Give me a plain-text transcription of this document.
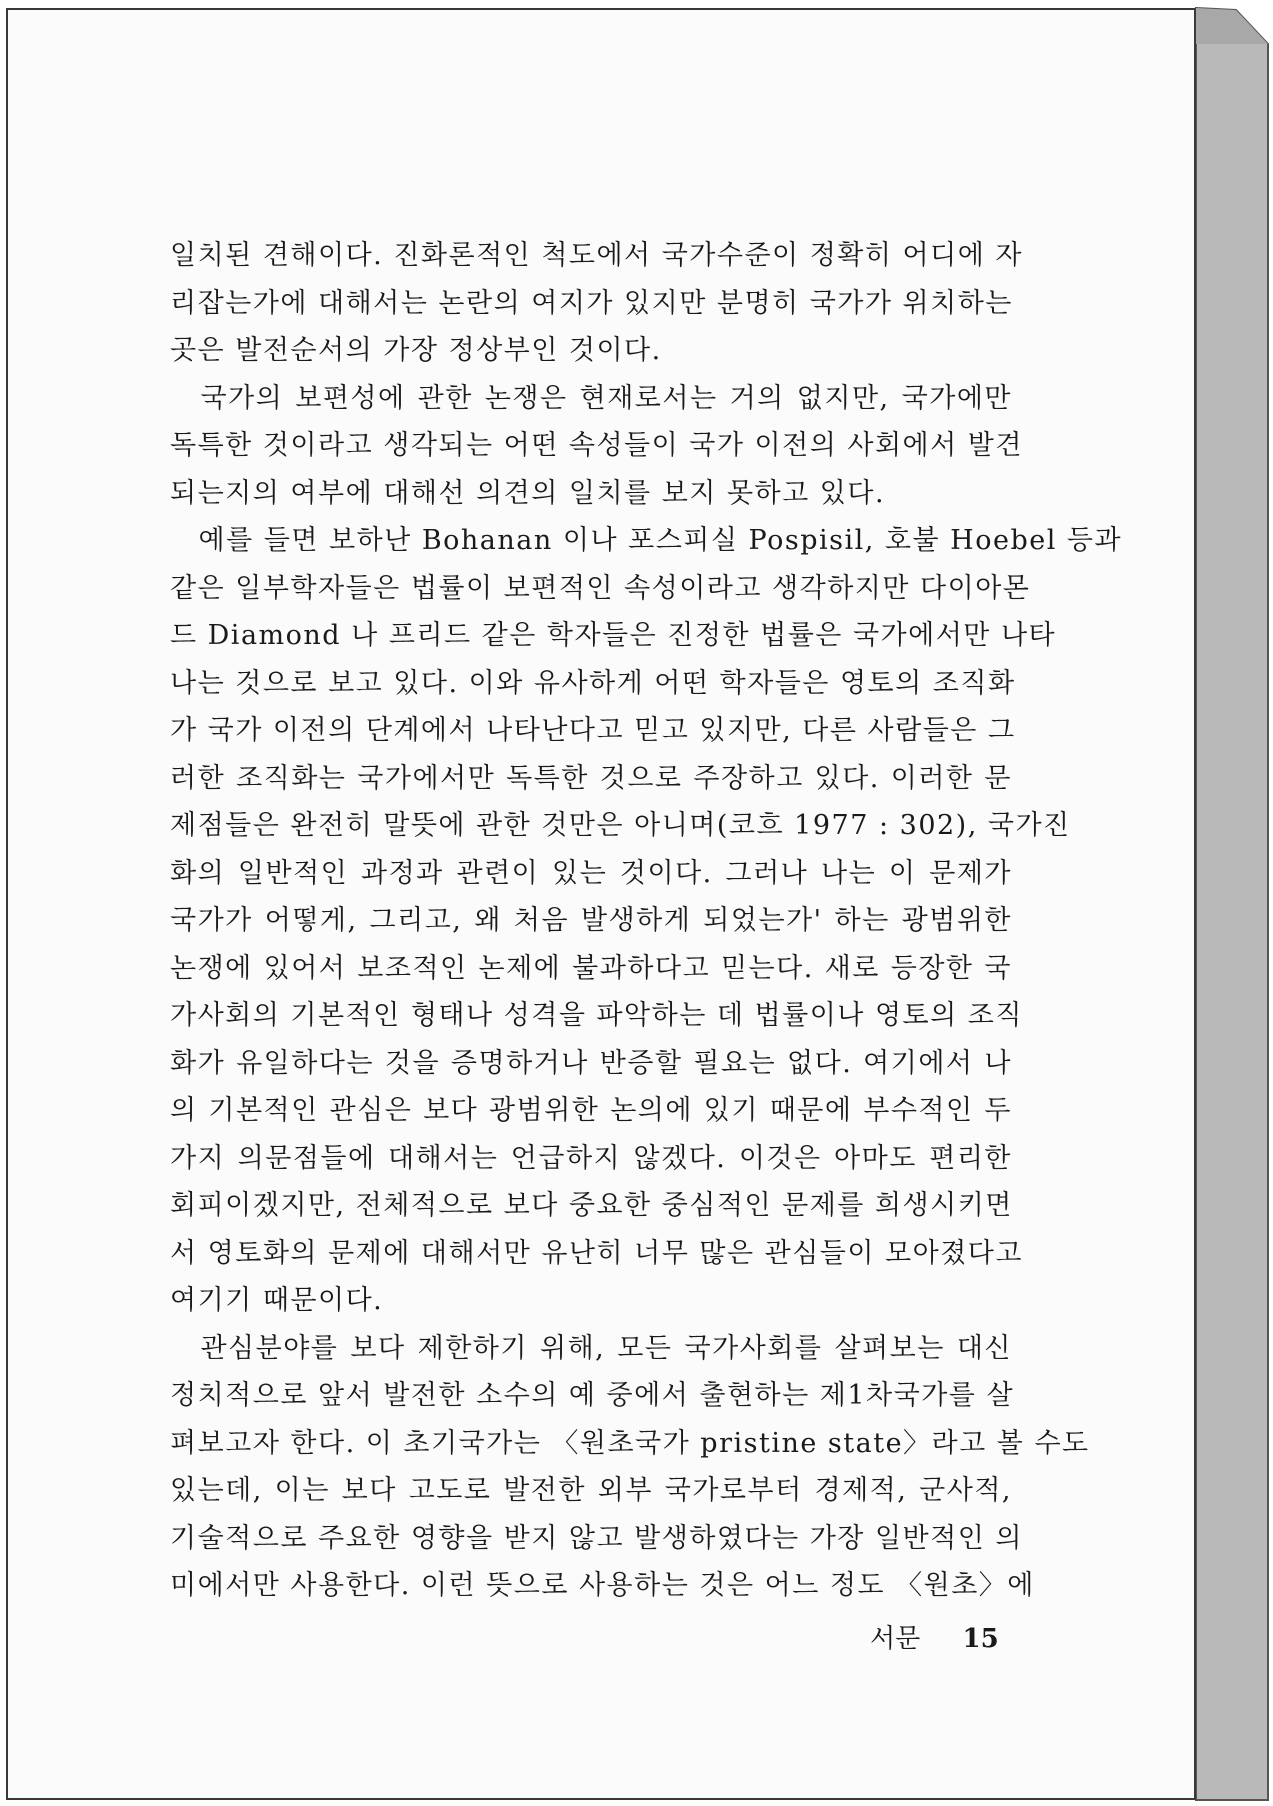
일치된 견해이다. 진화론적인 척도에서 국가수준이 정확히 어디에 자
리잡는가에 대해서는 논란의 여지가 있지만 분명히 국가가 위치하는
곳은 발전순서의 가장 정상부인 것이다.
　국가의 보편성에 관한 논쟁은 현재로서는 거의 없지만, 국가에만
독특한 것이라고 생각되는 어떤 속성들이 국가 이전의 사회에서 발견
되는지의 여부에 대해선 의견의 일치를 보지 못하고 있다.
　예를 들면 보하난 Bohanan 이나 포스피실 Pospisil, 호불 Hoebel 등과
같은 일부학자들은 법률이 보편적인 속성이라고 생각하지만 다이아몬
드 Diamond 나 프리드 같은 학자들은 진정한 법률은 국가에서만 나타
나는 것으로 보고 있다. 이와 유사하게 어떤 학자들은 영토의 조직화
가 국가 이전의 단계에서 나타난다고 믿고 있지만, 다른 사람들은 그
러한 조직화는 국가에서만 독특한 것으로 주장하고 있다. 이러한 문
제점들은 완전히 말뜻에 관한 것만은 아니며(코흐 1977 : 302), 국가진
화의 일반적인 과정과 관련이 있는 것이다. 그러나 나는 이 문제가
국가가 어떻게, 그리고, 왜 처음 발생하게 되었는가' 하는 광범위한
논쟁에 있어서 보조적인 논제에 불과하다고 믿는다. 새로 등장한 국
가사회의 기본적인 형태나 성격을 파악하는 데 법률이나 영토의 조직
화가 유일하다는 것을 증명하거나 반증할 필요는 없다. 여기에서 나
의 기본적인 관심은 보다 광범위한 논의에 있기 때문에 부수적인 두
가지 의문점들에 대해서는 언급하지 않겠다. 이것은 아마도 편리한
회피이겠지만, 전체적으로 보다 중요한 중심적인 문제를 희생시키면
서 영토화의 문제에 대해서만 유난히 너무 많은 관심들이 모아졌다고
여기기 때문이다.
　관심분야를 보다 제한하기 위해, 모든 국가사회를 살펴보는 대신
정치적으로 앞서 발전한 소수의 예 중에서 출현하는 제1차국가를 살
펴보고자 한다. 이 초기국가는 〈원초국가 pristine state〉라고 볼 수도
있는데, 이는 보다 고도로 발전한 외부 국가로부터 경제적, 군사적,
기술적으로 주요한 영향을 받지 않고 발생하였다는 가장 일반적인 의
미에서만 사용한다. 이런 뜻으로 사용하는 것은 어느 정도 〈원초〉에
서문 15
